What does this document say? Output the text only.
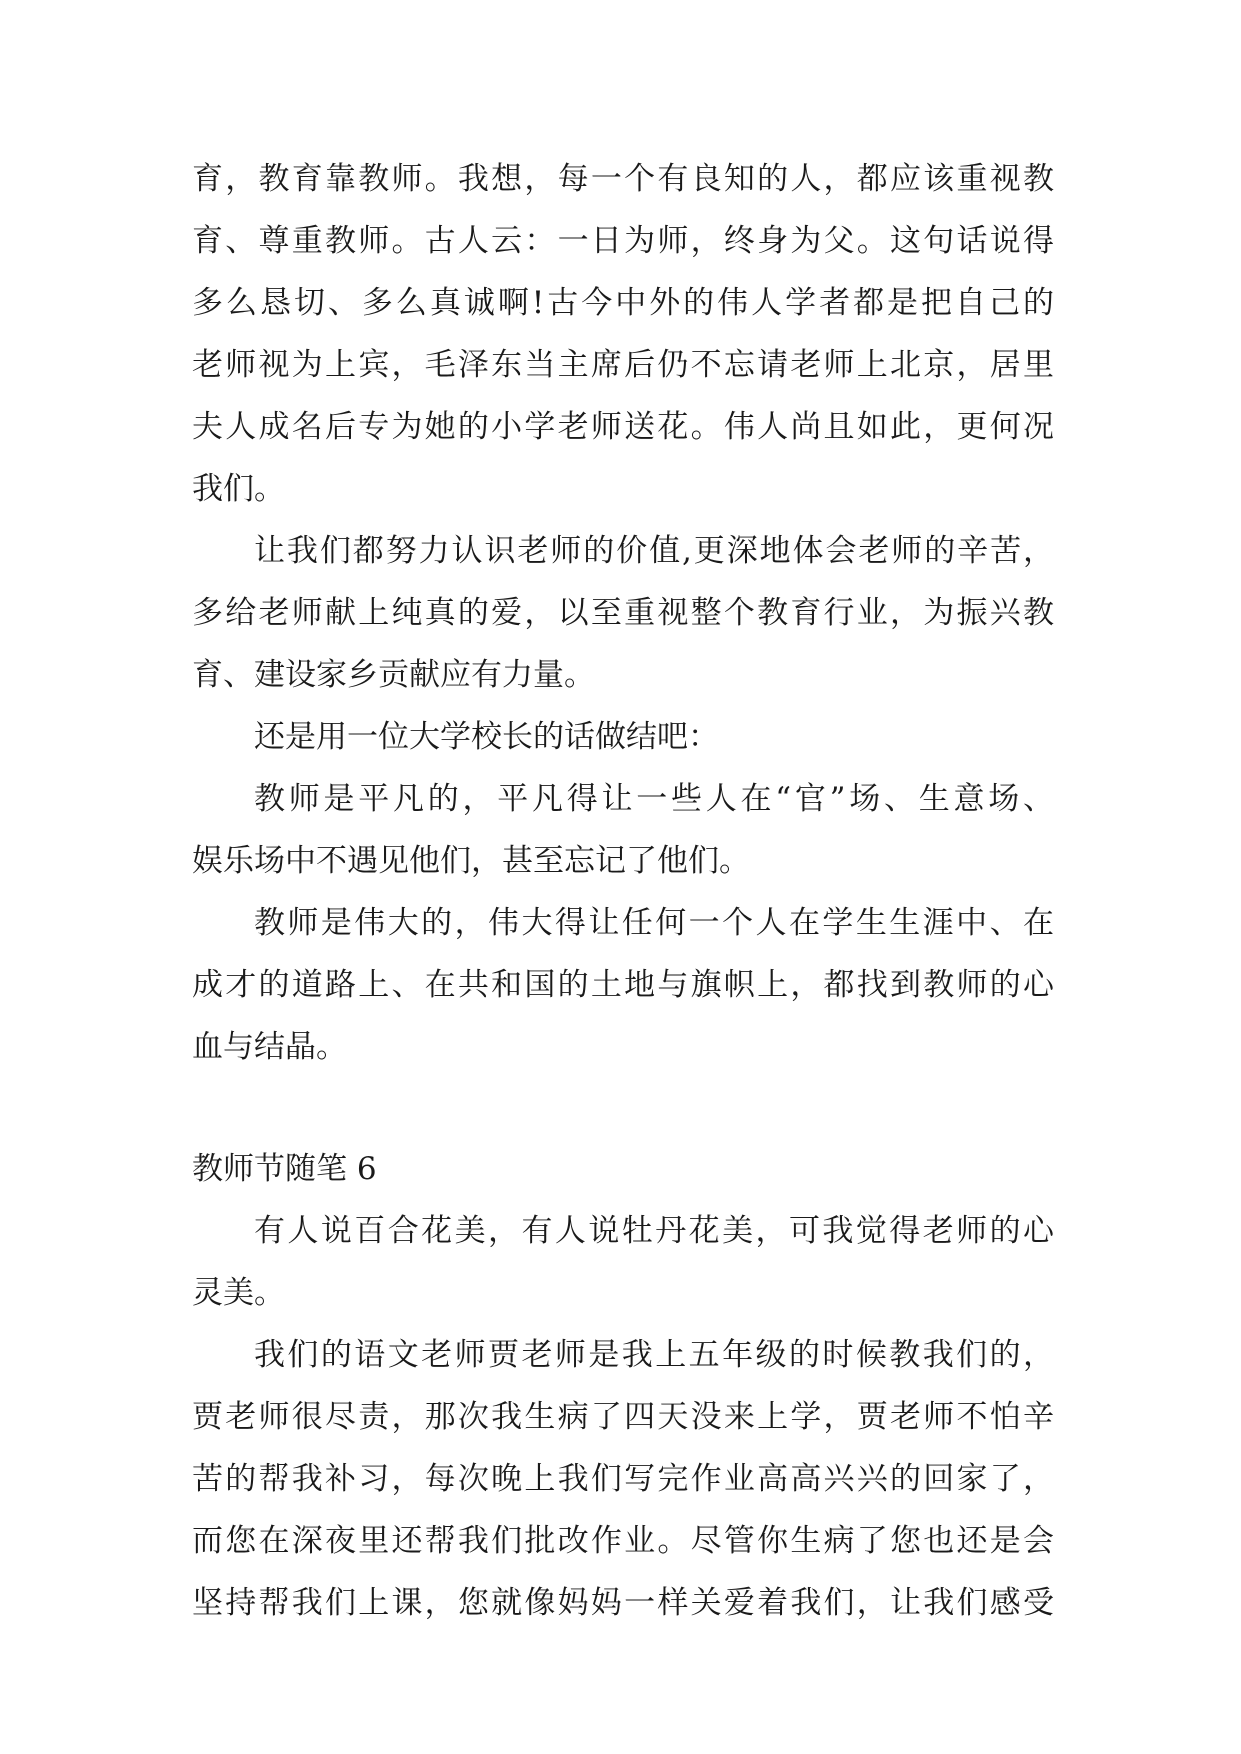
育，教育靠教师。我想，每一个有良知的人，都应该重视教
育、尊重教师。古人云：一日为师，终身为父。这句话说得
多么恳切、多么真诚啊!古今中外的伟人学者都是把自己的
老师视为上宾，毛泽东当主席后仍不忘请老师上北京，居里
夫人成名后专为她的小学老师送花。伟人尚且如此，更何况
我们。
让我们都努力认识老师的价值,更深地体会老师的辛苦，
多给老师献上纯真的爱，以至重视整个教育行业，为振兴教
育、建设家乡贡献应有力量。
还是用一位大学校长的话做结吧：
教师是平凡的，平凡得让一些人在“官”场、生意场、
娱乐场中不遇见他们，甚至忘记了他们。
教师是伟大的，伟大得让任何一个人在学生生涯中、在
成才的道路上、在共和国的土地与旗帜上，都找到教师的心
血与结晶。
教师节随笔 6
有人说百合花美，有人说牡丹花美，可我觉得老师的心
灵美。
我们的语文老师贾老师是我上五年级的时候教我们的，
贾老师很尽责，那次我生病了四天没来上学，贾老师不怕辛
苦的帮我补习，每次晚上我们写完作业高高兴兴的回家了，
而您在深夜里还帮我们批改作业。尽管你生病了您也还是会
坚持帮我们上课，您就像妈妈一样关爱着我们，让我们感受
